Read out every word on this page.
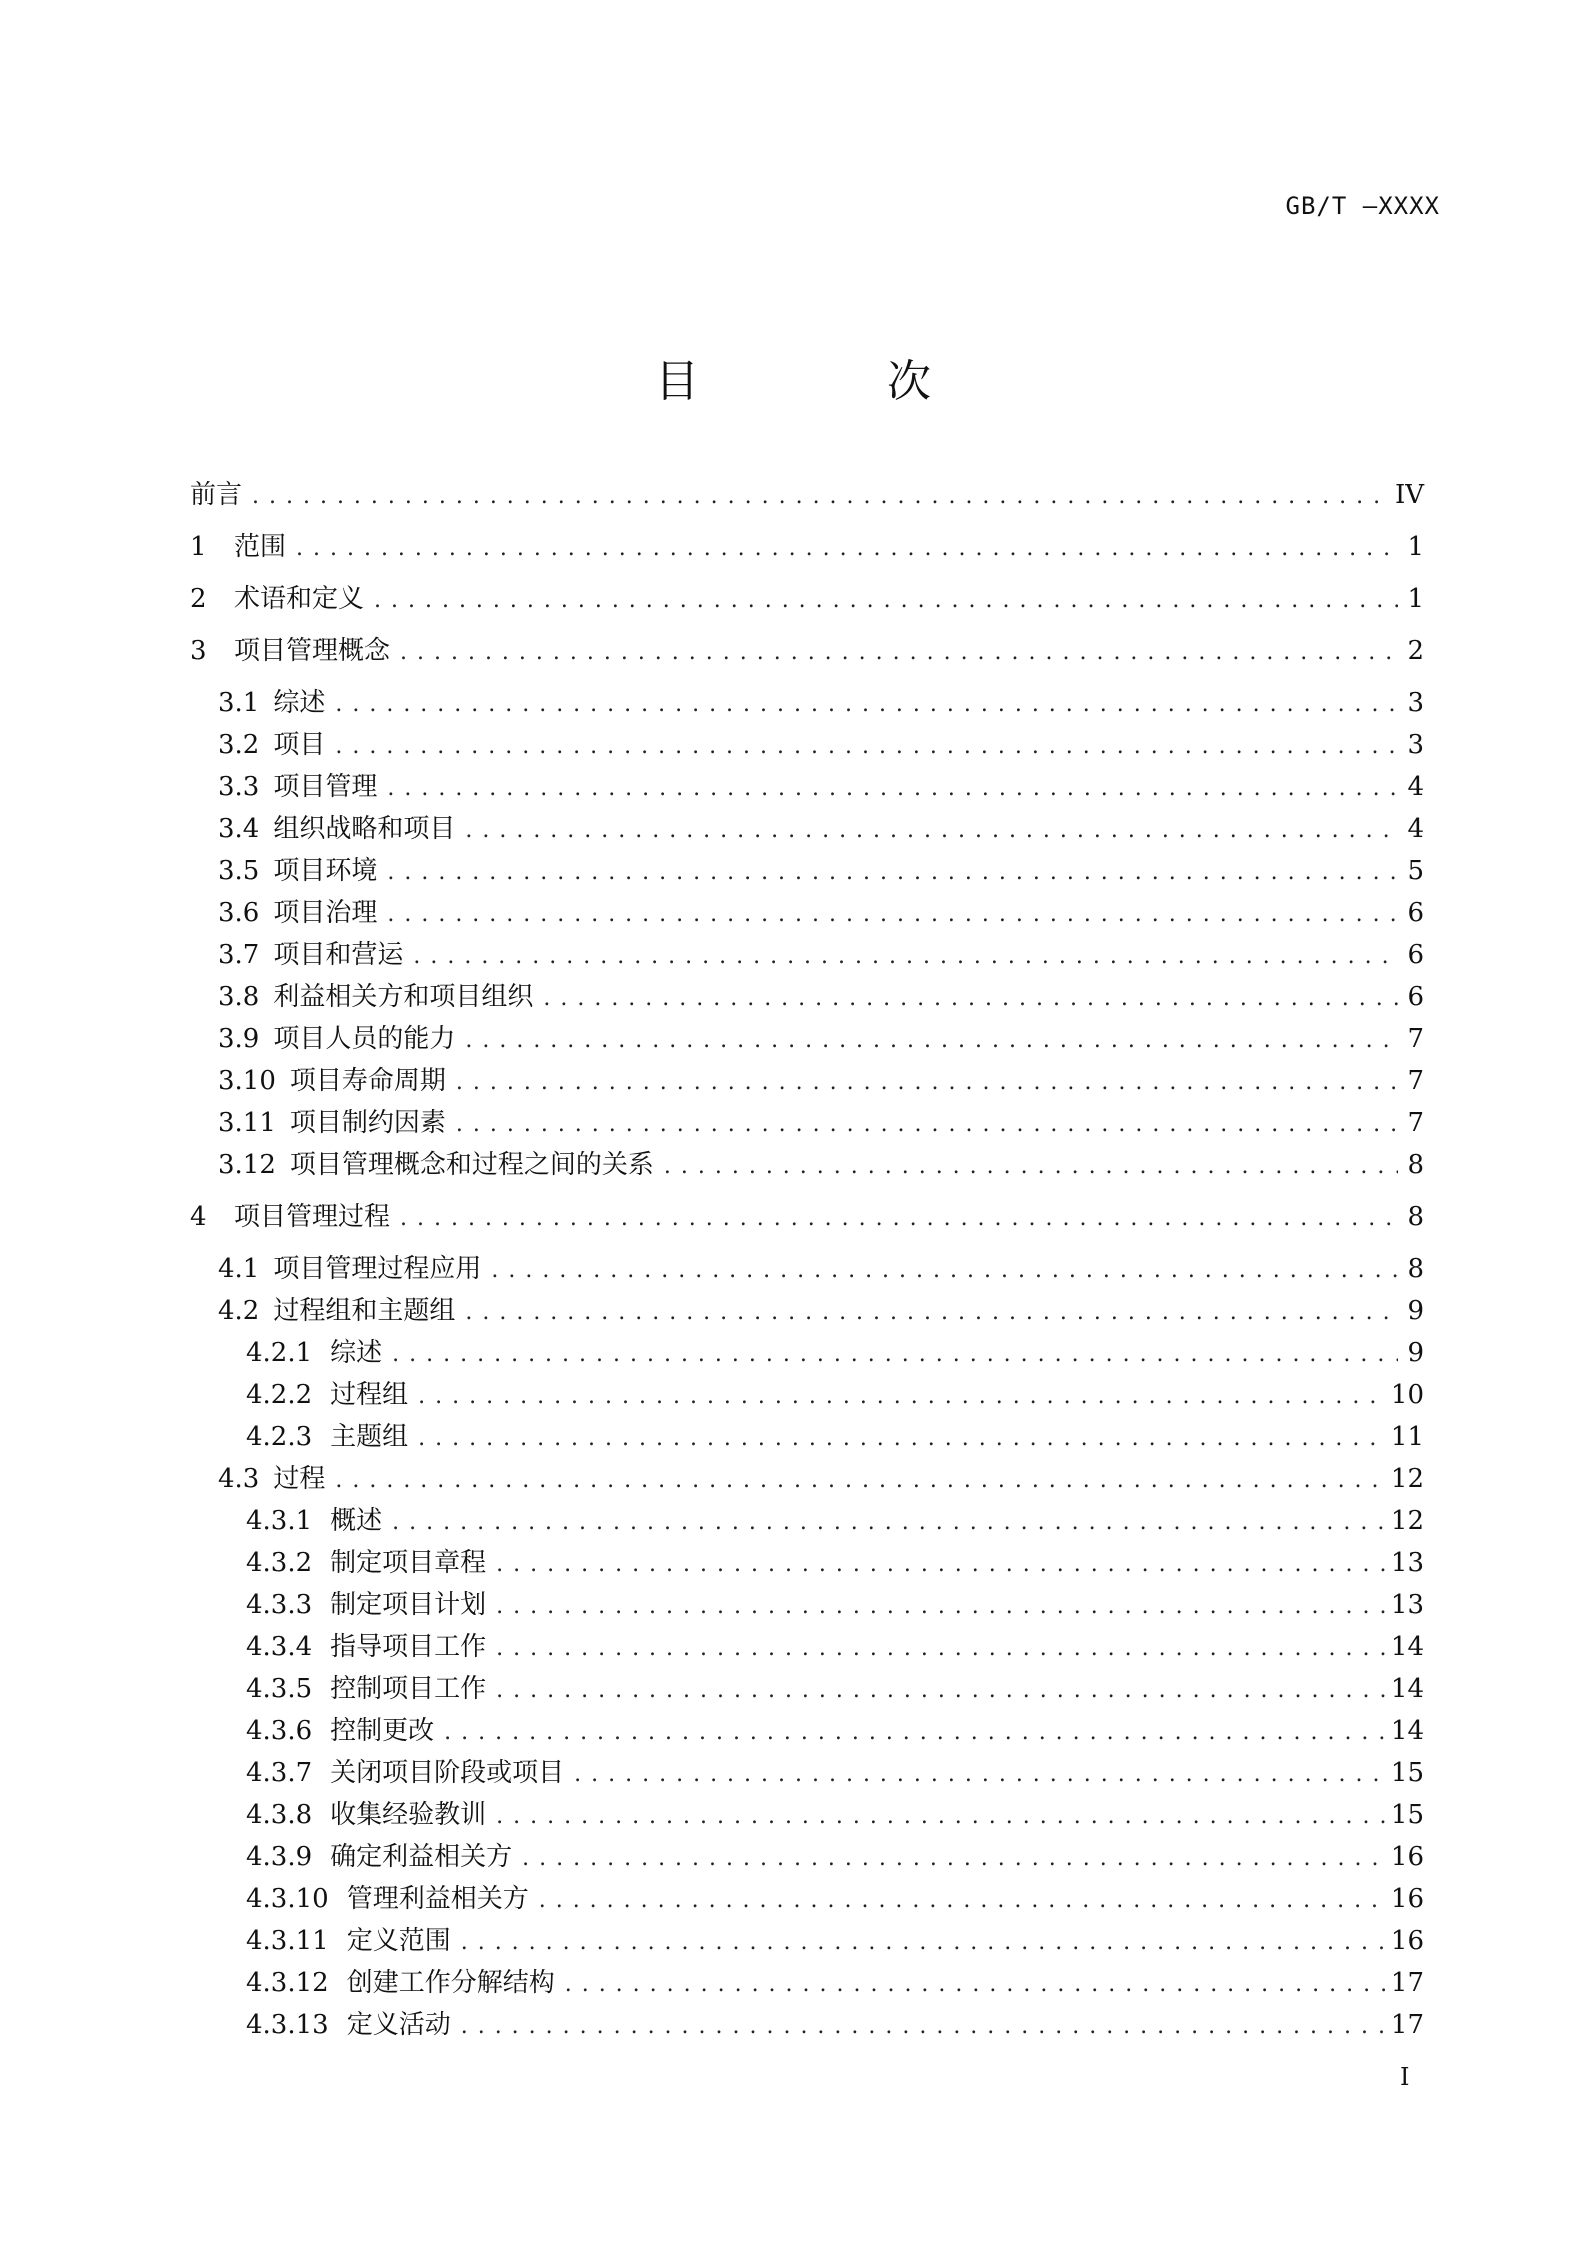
GB/T —XXXX
目　次
前言 . . .	IV
1	范围 . . .	1
2	术语和定义 . . .	1
3	项目管理概念 . . .	2
3.1 综述 . . .	3
3.2 项目 . . .	3
3.3 项目管理 . . .	4
3.4 组织战略和项目 . . .	4
3.5 项目环境 . . .	5
3.6 项目治理 . . .	6
3.7 项目和营运 . . .	6
3.8 利益相关方和项目组织 . . .	6
3.9 项目人员的能力 . . .	7
3.10 项目寿命周期 . . .	7
3.11 项目制约因素 . . .	7
3.12 项目管理概念和过程之间的关系 . . .	8
4	项目管理过程 . . .	8
4.1 项目管理过程应用 . . .	8
4.2 过程组和主题组 . . .	9
4.2.1 综述 . . .	9
4.2.2 过程组 . . .	10
4.2.3 主题组 . . .	11
4.3 过程 . . .	12
4.3.1 概述 . . .	12
4.3.2 制定项目章程 . . .	13
4.3.3 制定项目计划 . . .	13
4.3.4 指导项目工作 . . .	14
4.3.5 控制项目工作 . . .	14
4.3.6 控制更改 . . .	14
4.3.7 关闭项目阶段或项目 . . .	15
4.3.8 收集经验教训 . . .	15
4.3.9 确定利益相关方 . . .	16
4.3.10 管理利益相关方 . . .	16
4.3.11 定义范围 . . .	16
4.3.12 创建工作分解结构 . . .	17
4.3.13 定义活动 . . .	17
I
